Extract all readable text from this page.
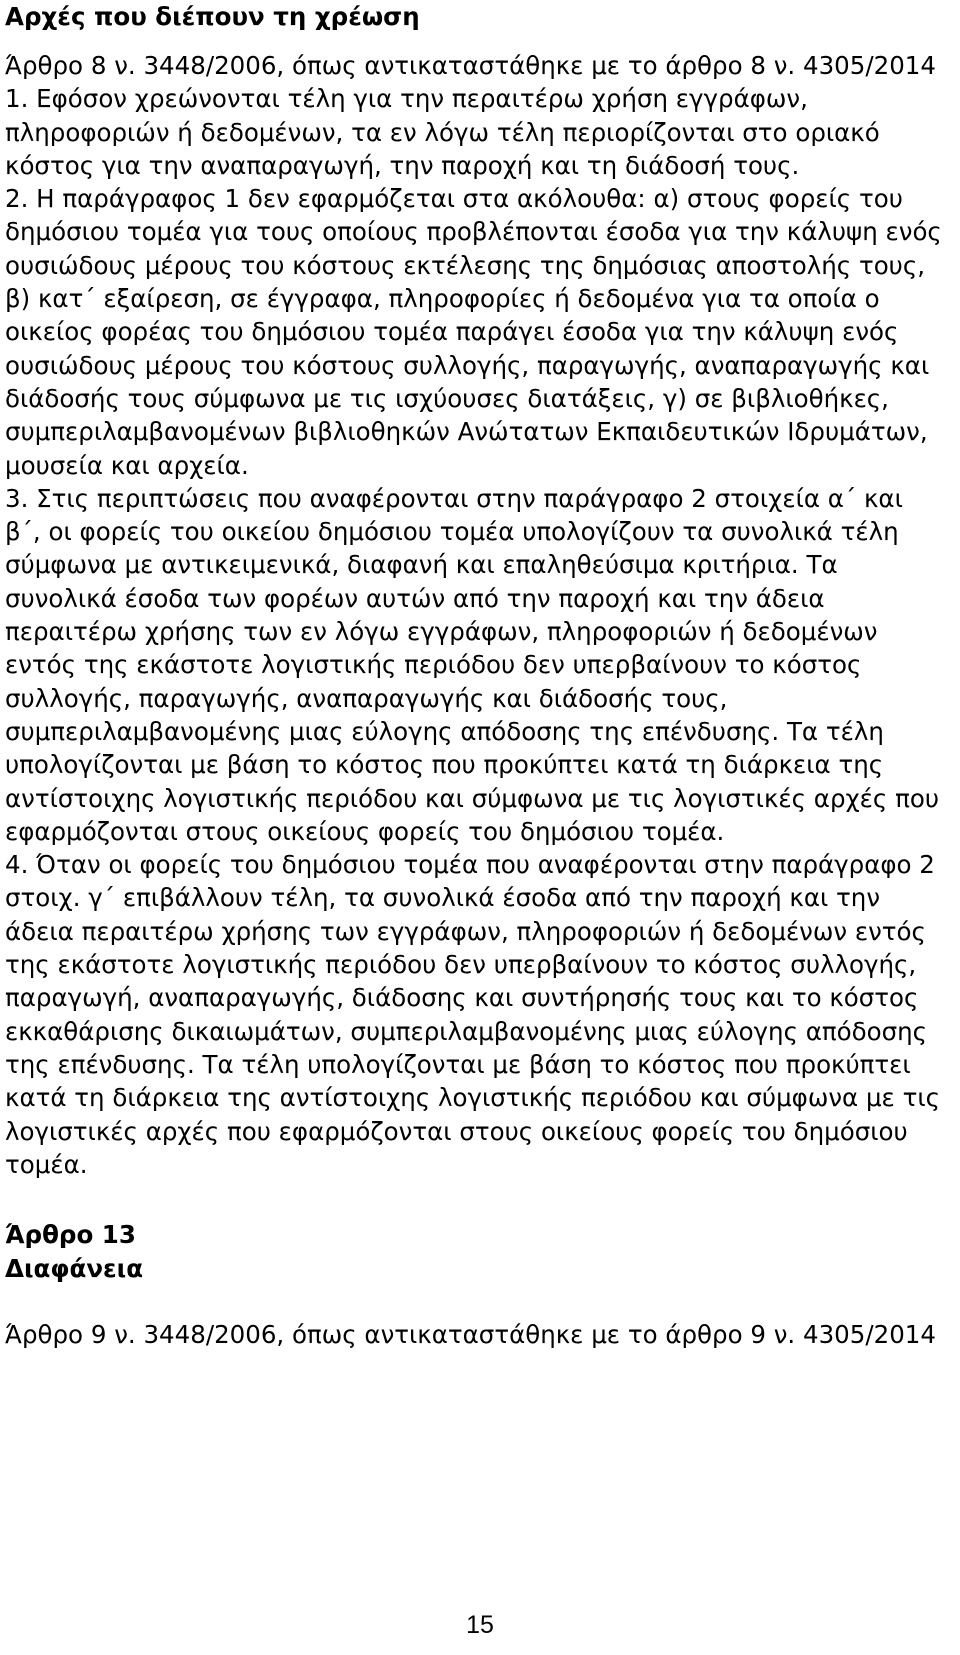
Αρχές που διέπουν τη χρέωση

Άρθρο 8 ν. 3448/2006, όπως αντικαταστάθηκε με το άρθρο 8 ν. 4305/2014

1. Εφόσον χρεώνονται τέλη για την περαιτέρω χρήση εγγράφων, πληροφοριών ή δεδομένων, τα εν λόγω τέλη περιορίζονται στο οριακό κόστος για την αναπαραγωγή, την παροχή και τη διάδοσή τους.

2. Η παράγραφος 1 δεν εφαρμόζεται στα ακόλουθα: α) στους φορείς του δημόσιου τομέα για τους οποίους προβλέπονται έσοδα για την κάλυψη ενός ουσιώδους μέρους του κόστους εκτέλεσης της δημόσιας αποστολής τους, β) κατ΄ εξαίρεση, σε έγγραφα, πληροφορίες ή δεδομένα για τα οποία ο οικείος φορέας του δημόσιου τομέα παράγει έσοδα για την κάλυψη ενός ουσιώδους μέρους του κόστους συλλογής, παραγωγής, αναπαραγωγής και διάδοσής τους σύμφωνα με τις ισχύουσες διατάξεις, γ) σε βιβλιοθήκες, συμπεριλαμβανομένων βιβλιοθηκών Ανώτατων Εκπαιδευτικών Ιδρυμάτων, μουσεία και αρχεία.

3. Στις περιπτώσεις που αναφέρονται στην παράγραφο 2 στοιχεία α΄ και β΄, οι φορείς του οικείου δημόσιου τομέα υπολογίζουν τα συνολικά τέλη σύμφωνα με αντικειμενικά, διαφανή και επαληθεύσιμα κριτήρια. Τα συνολικά έσοδα των φορέων αυτών από την παροχή και την άδεια περαιτέρω χρήσης των εν λόγω εγγράφων, πληροφοριών ή δεδομένων εντός της εκάστοτε λογιστικής περιόδου δεν υπερβαίνουν το κόστος συλλογής, παραγωγής, αναπαραγωγής και διάδοσής τους, συμπεριλαμβανομένης μιας εύλογης απόδοσης της επένδυσης. Τα τέλη υπολογίζονται με βάση το κόστος που προκύπτει κατά τη διάρκεια της αντίστοιχης λογιστικής περιόδου και σύμφωνα με τις λογιστικές αρχές που εφαρμόζονται στους οικείους φορείς του δημόσιου τομέα.

4. Όταν οι φορείς του δημόσιου τομέα που αναφέρονται στην παράγραφο 2 στοιχ. γ΄ επιβάλλουν τέλη, τα συνολικά έσοδα από την παροχή και την άδεια περαιτέρω χρήσης των εγγράφων, πληροφοριών ή δεδομένων εντός της εκάστοτε λογιστικής περιόδου δεν υπερβαίνουν το κόστος συλλογής, παραγωγή, αναπαραγωγής, διάδοσης και συντήρησής τους και το κόστος εκκαθάρισης δικαιωμάτων, συμπεριλαμβανομένης μιας εύλογης απόδοσης της επένδυσης. Τα τέλη υπολογίζονται με βάση το κόστος που προκύπτει κατά τη διάρκεια της αντίστοιχης λογιστικής περιόδου και σύμφωνα με τις λογιστικές αρχές που εφαρμόζονται στους οικείους φορείς του δημόσιου τομέα.

Άρθρο 13
Διαφάνεια

Άρθρο 9 ν. 3448/2006, όπως αντικαταστάθηκε με το άρθρο 9 ν. 4305/2014

15
